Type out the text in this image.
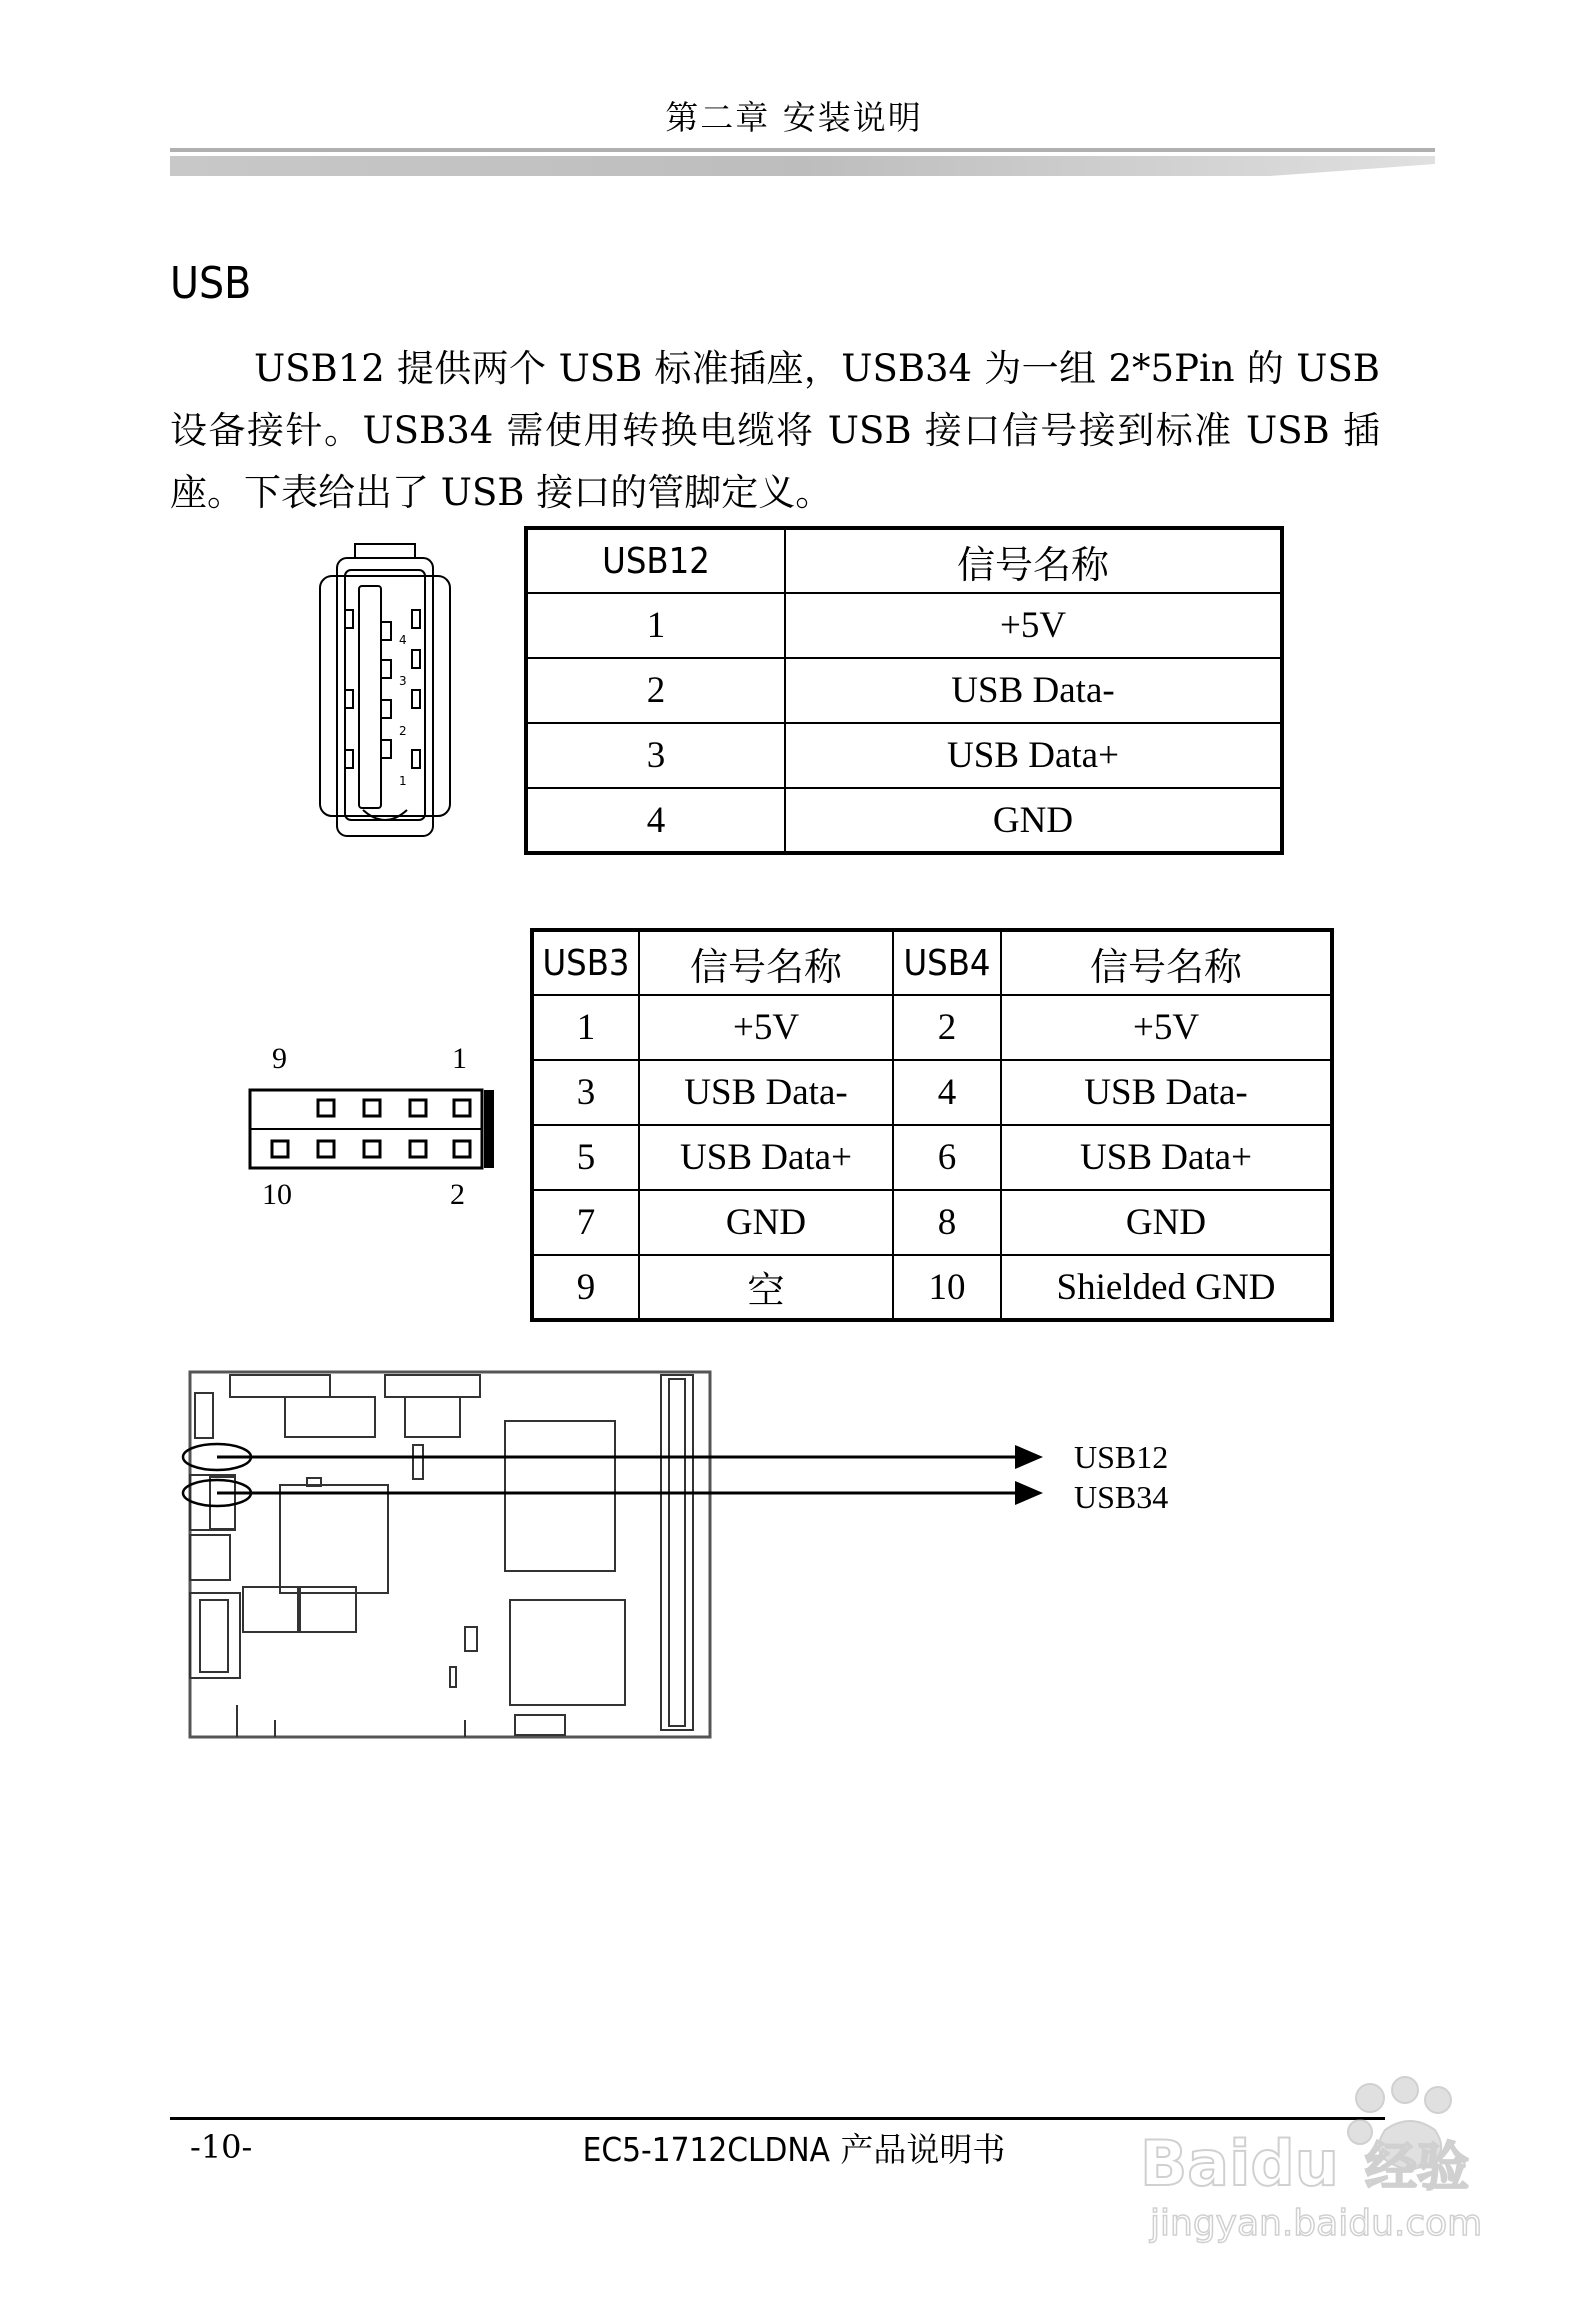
第二章 安装说明
USB

USB12 提供两个 USB 标准插座，USB34 为一组 2*5Pin 的 USB 设备接针。USB34 需使用转换电缆将 USB 接口信号接到标准 USB 插座。下表给出了 USB 接口的管脚定义。

4
3
2
1
USB12	信号名称
1	+5V
2	USB Data-
3	USB Data+
4	GND
9	1
10	2
USB3	信号名称	USB4	信号名称
1	+5V	2	+5V
3	USB Data-	4	USB Data-
5	USB Data+	6	USB Data+
7	GND	8	GND
9	空	10	Shielded GND
USB12
USB34
-10-	EC5-1712CLDNA 产品说明书	Baidu 经验
jingyan.baidu.com
